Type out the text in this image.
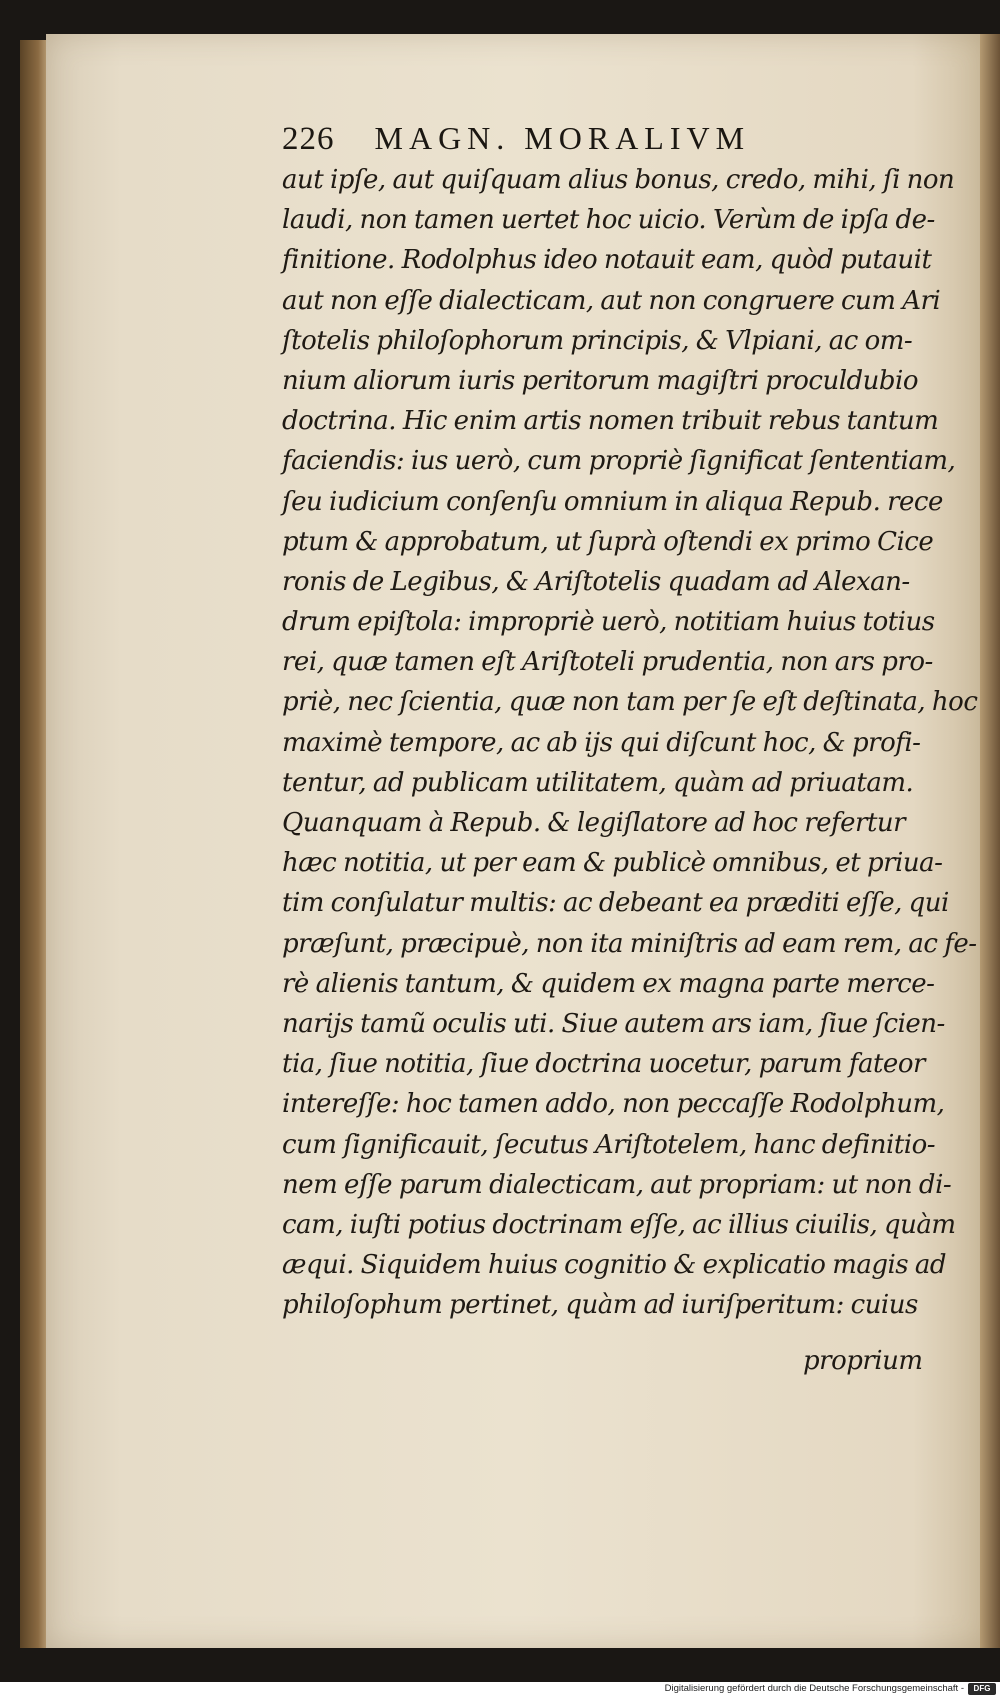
226 MAGN. MORALIVM
aut ipſe, aut quiſquam alius bonus, credo, mihi, ſi non
laudi, non tamen uertet hoc uicio. Verùm de ipſa de-
finitione. Rodolphus ideo notauit eam, quòd putauit
aut non eſſe dialecticam, aut non congruere cum Ari
ſtotelis philoſophorum principis, & Vlpiani, ac om-
nium aliorum iuris peritorum magiſtri proculdubio
doctrina. Hic enim artis nomen tribuit rebus tantum
faciendis: ius uerò, cum propriè ſignificat ſententiam,
ſeu iudicium conſenſu omnium in aliqua Repub. rece
ptum & approbatum, ut ſuprà oſtendi ex primo Cice
ronis de Legibus, & Ariſtotelis quadam ad Alexan-
drum epiſtola: impropriè uerò, notitiam huius totius
rei, quæ tamen eſt Ariſtoteli prudentia, non ars pro-
priè, nec ſcientia, quæ non tam per ſe eſt deſtinata, hoc
maximè tempore, ac ab ijs qui diſcunt hoc, & profi-
tentur, ad publicam utilitatem, quàm ad priuatam.
Quanquam à Repub. & legiſlatore ad hoc refertur
hæc notitia, ut per eam & publicè omnibus, et priua-
tim conſulatur multis: ac debeant ea præditi eſſe, qui
præſunt, præcipuè, non ita miniſtris ad eam rem, ac fe-
rè alienis tantum, & quidem ex magna parte merce-
narijs tamũ oculis uti. Siue autem ars iam, ſiue ſcien-
tia, ſiue notitia, ſiue doctrina uocetur, parum fateor
intereſſe: hoc tamen addo, non peccaſſe Rodolphum,
cum ſignificauit, ſecutus Ariſtotelem, hanc definitio-
nem eſſe parum dialecticam, aut propriam: ut non di-
cam, iuſti potius doctrinam eſſe, ac illius ciuilis, quàm
æqui. Siquidem huius cognitio & explicatio magis ad
philoſophum pertinet, quàm ad iuriſperitum: cuius
proprium
Digitalisierung gefördert durch die Deutsche Forschungsgemeinschaft -	DFG
